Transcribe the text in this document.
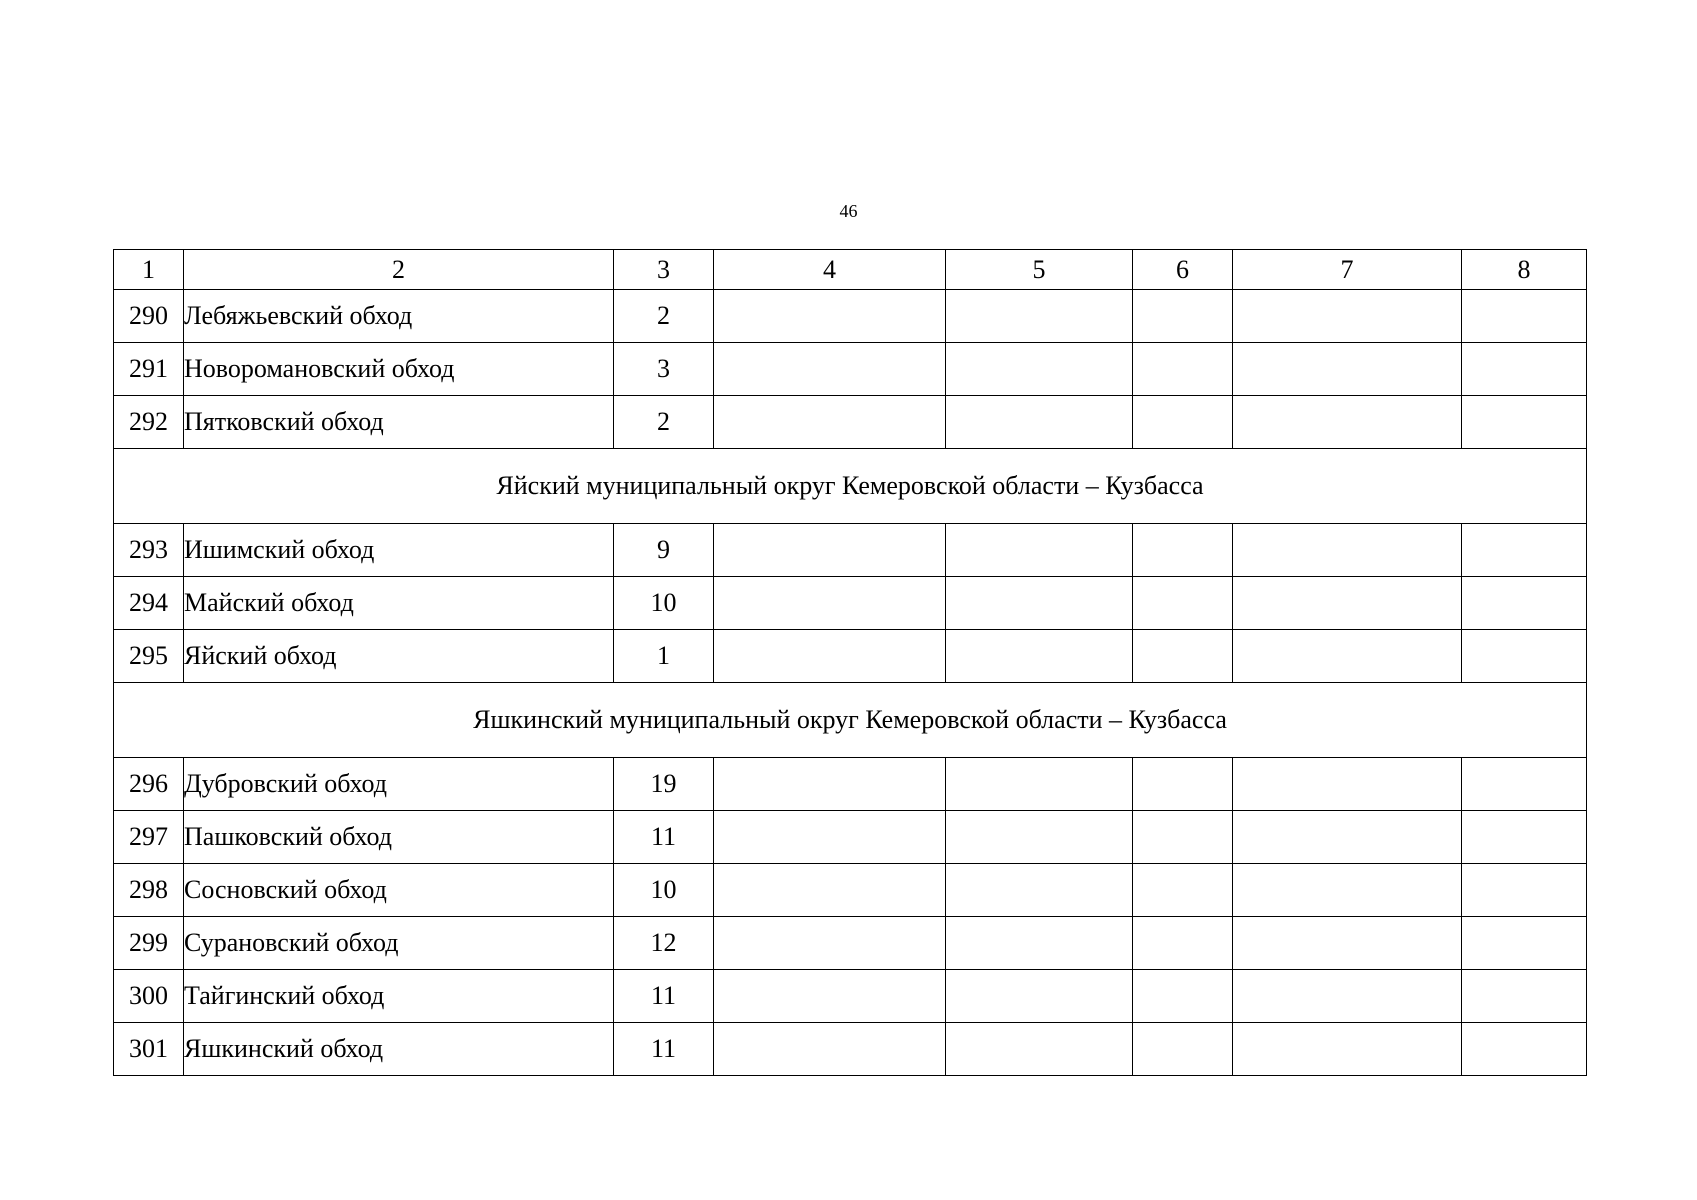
46
1	2	3	4	5	6	7	8
290	Лебяжьевский обход	2					
291	Новоромановский обход	3					
292	Пятковский обход	2					
Яйский муниципальный округ Кемеровской области – Кузбасса							
293	Ишимский обход	9					
294	Майский обход	10					
295	Яйский обход	1					
Яшкинский муниципальный округ Кемеровской области – Кузбасса							
296	Дубровский обход	19					
297	Пашковский обход	11					
298	Сосновский обход	10					
299	Сурановский обход	12					
300	Тайгинский обход	11					
301	Яшкинский обход	11					
